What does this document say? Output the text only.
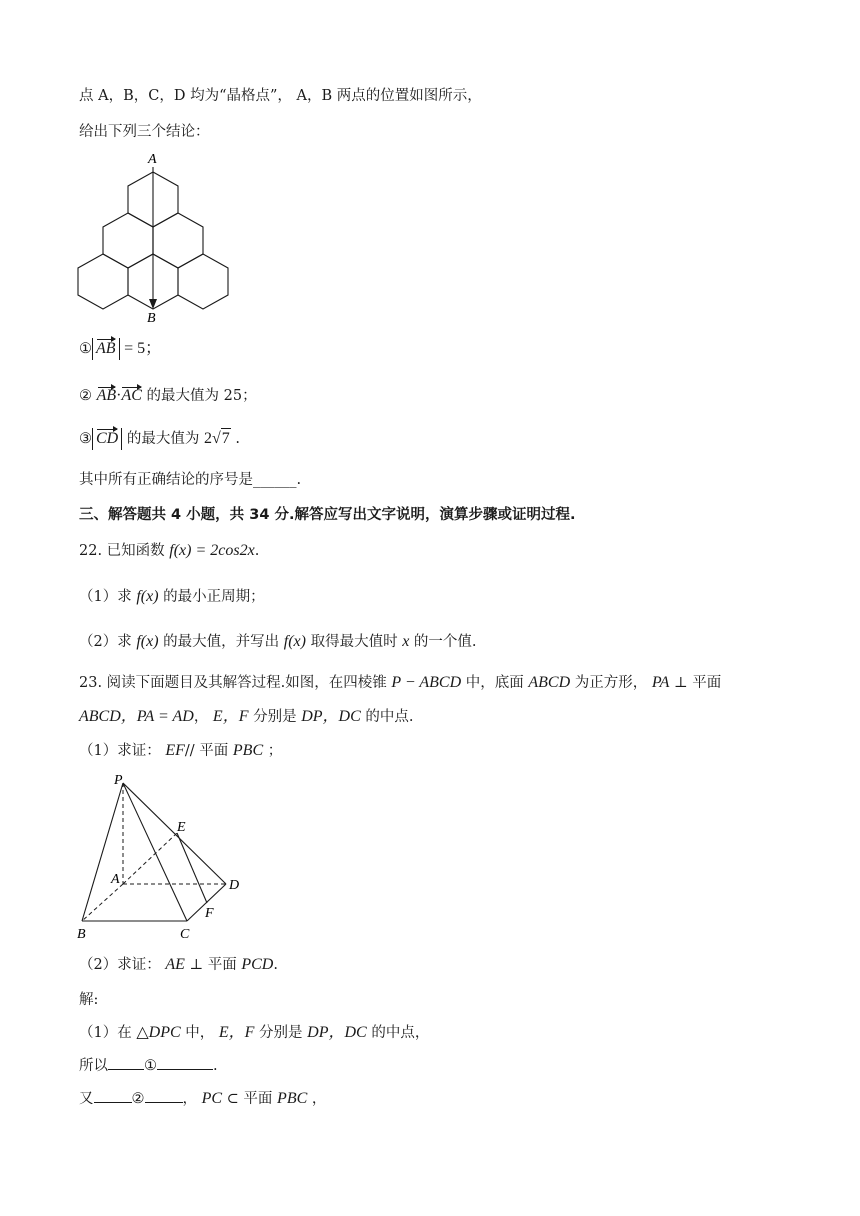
点 A，B，C，D 均为“晶格点”， A，B 两点的位置如图所示，
给出下列三个结论：
A
B
① AB = 5；
② AB·AC 的最大值为 25；
③ CD 的最大值为 2√7 .
其中所有正确结论的序号是______.
三、解答题共 4 小题，共 34 分.解答应写出文字说明，演算步骤或证明过程.
22. 已知函数 f(x) = 2cos2x.
（1）求 f(x) 的最小正周期；
（2）求 f(x) 的最大值，并写出 f(x) 取得最大值时 x 的一个值.
23. 阅读下面题目及其解答过程.如图，在四棱锥 P − ABCD 中，底面 ABCD 为正方形， PA ⊥ 平面
ABCD，PA = AD， E，F 分别是 DP，DC 的中点.
（1）求证： EF// 平面 PBC ；
P
E
A	D
F
B	C
（2）求证： AE ⊥ 平面 PCD.
解:
（1）在 △DPC 中， E，F 分别是 DP，DC 的中点，
所以 ①	.
又	②	， PC ⊂ 平面 PBC ，
